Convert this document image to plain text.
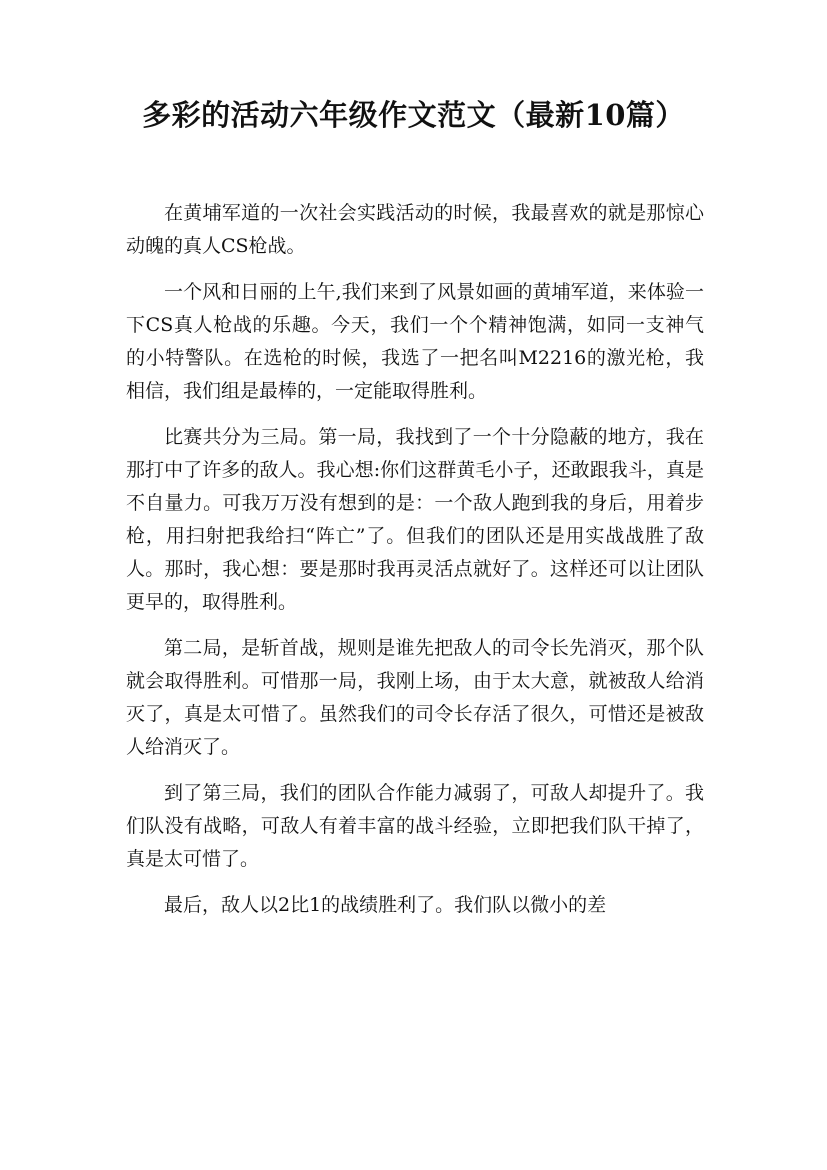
多彩的活动六年级作文范文（最新10篇）

在黄埔军道的一次社会实践活动的时候，我最喜欢的就是那惊心动魄的真人CS枪战。

一个风和日丽的上午,我们来到了风景如画的黄埔军道，来体验一下CS真人枪战的乐趣。今天，我们一个个精神饱满，如同一支神气的小特警队。在选枪的时候，我选了一把名叫M2216的激光枪，我相信，我们组是最棒的，一定能取得胜利。

比赛共分为三局。第一局，我找到了一个十分隐蔽的地方，我在那打中了许多的敌人。我心想:你们这群黄毛小子，还敢跟我斗，真是不自量力。可我万万没有想到的是：一个敌人跑到我的身后，用着步枪，用扫射把我给扫“阵亡”了。但我们的团队还是用实战战胜了敌人。那时，我心想：要是那时我再灵活点就好了。这样还可以让团队更早的，取得胜利。

第二局，是斩首战，规则是谁先把敌人的司令长先消灭，那个队就会取得胜利。可惜那一局，我刚上场，由于太大意，就被敌人给消灭了，真是太可惜了。虽然我们的司令长存活了很久，可惜还是被敌人给消灭了。

到了第三局，我们的团队合作能力减弱了，可敌人却提升了。我们队没有战略，可敌人有着丰富的战斗经验，立即把我们队干掉了，真是太可惜了。

最后，敌人以2比1的战绩胜利了。我们队以微小的差
